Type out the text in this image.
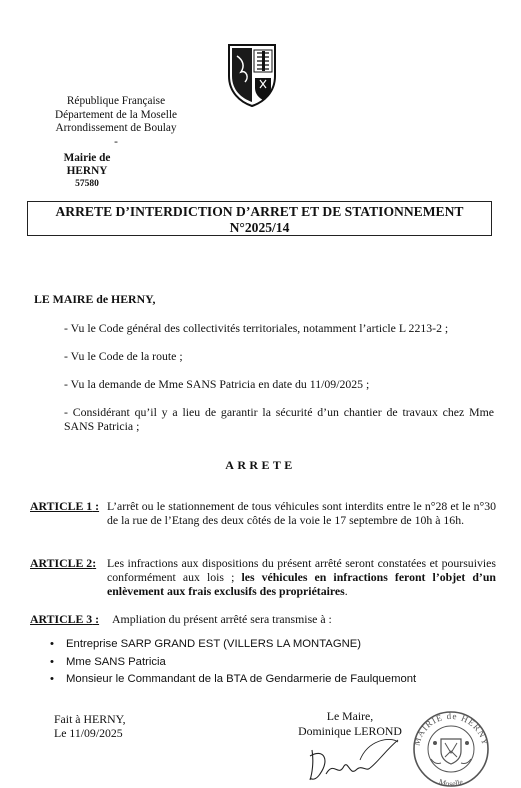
République Française
Département de la Moselle
Arrondissement de Boulay
-
Mairie de
HERNY
57580
ARRETE D’INTERDICTION D’ARRET ET DE STATIONNEMENT
N°2025/14
LE MAIRE de HERNY,
- Vu le Code général des collectivités territoriales, notamment l’article L 2213-2 ;
- Vu le Code de la route ;
- Vu la demande de Mme SANS Patricia en date du 11/09/2025 ;
- Considérant qu’il y a lieu de garantir la sécurité d’un chantier de travaux chez Mme SANS Patricia ;
ARRETE
ARTICLE 1 : L’arrêt ou le stationnement de tous véhicules sont interdits entre le n°28 et le n°30 de la rue de l’Etang des deux côtés de la voie le 17 septembre de 10h à 16h.
ARTICLE 2: Les infractions aux dispositions du présent arrêté seront constatées et poursuivies conformément aux lois ; les véhicules en infractions feront l’objet d’un enlèvement aux frais exclusifs des propriétaires.
ARTICLE 3 : Ampliation du présent arrêté sera transmise à :
• Entreprise SARP GRAND EST (VILLERS LA MONTAGNE)
• Mme SANS Patricia
• Monsieur le Commandant de la BTA de Gendarmerie de Faulquemont
Fait à HERNY,
Le 11/09/2025
Le Maire,
Dominique LEROND
MAIRIE de HERNY
Moselle
